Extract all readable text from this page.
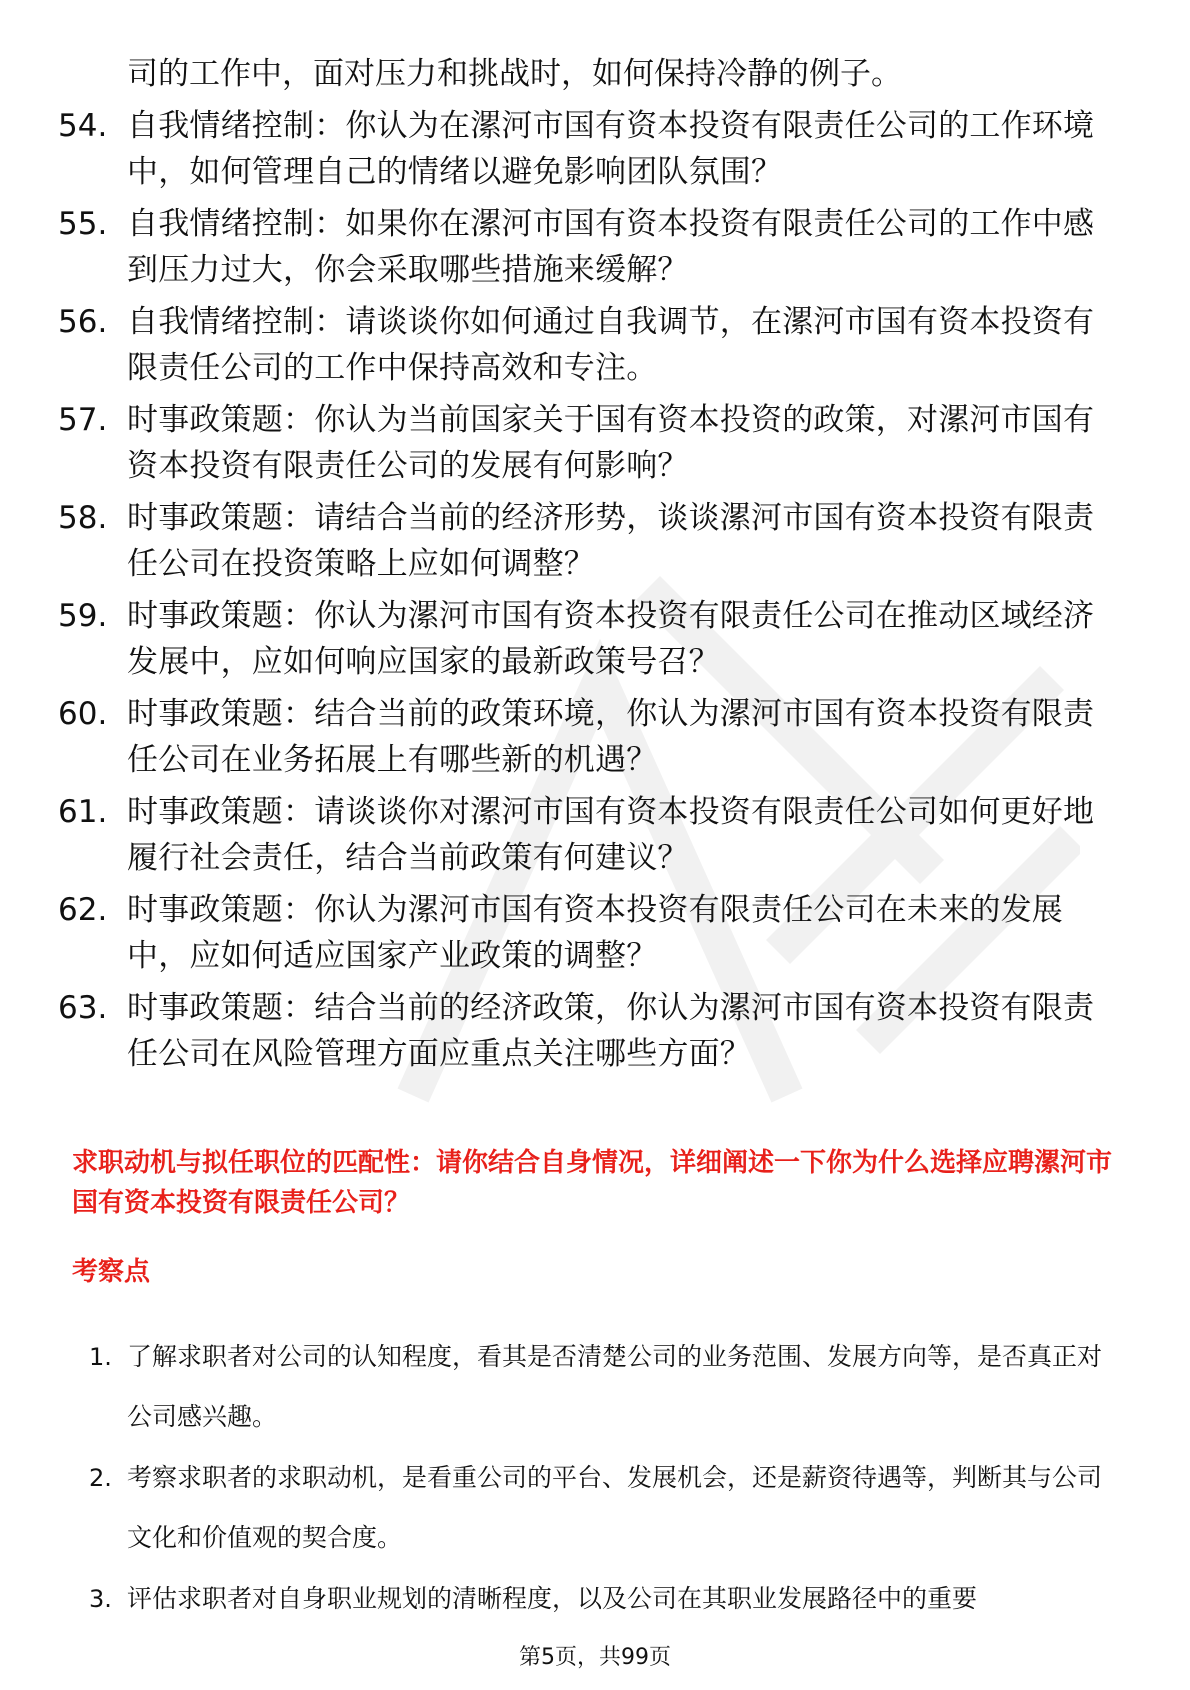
司的工作中，面对压力和挑战时，如何保持冷静的例子。
54. 自我情绪控制：你认为在漯河市国有资本投资有限责任公司的工作环境中，如何管理自己的情绪以避免影响团队氛围？
55. 自我情绪控制：如果你在漯河市国有资本投资有限责任公司的工作中感到压力过大，你会采取哪些措施来缓解？
56. 自我情绪控制：请谈谈你如何通过自我调节，在漯河市国有资本投资有限责任公司的工作中保持高效和专注。
57. 时事政策题：你认为当前国家关于国有资本投资的政策，对漯河市国有资本投资有限责任公司的发展有何影响？
58. 时事政策题：请结合当前的经济形势，谈谈漯河市国有资本投资有限责任公司在投资策略上应如何调整？
59. 时事政策题：你认为漯河市国有资本投资有限责任公司在推动区域经济发展中，应如何响应国家的最新政策号召？
60. 时事政策题：结合当前的政策环境，你认为漯河市国有资本投资有限责任公司在业务拓展上有哪些新的机遇？
61. 时事政策题：请谈谈你对漯河市国有资本投资有限责任公司如何更好地履行社会责任，结合当前政策有何建议？
62. 时事政策题：你认为漯河市国有资本投资有限责任公司在未来的发展中，应如何适应国家产业政策的调整？
63. 时事政策题：结合当前的经济政策，你认为漯河市国有资本投资有限责任公司在风险管理方面应重点关注哪些方面？
求职动机与拟任职位的匹配性：请你结合自身情况，详细阐述一下你为什么选择应聘漯河市国有资本投资有限责任公司？
考察点
1. 了解求职者对公司的认知程度，看其是否清楚公司的业务范围、发展方向等，是否真正对公司感兴趣。
2. 考察求职者的求职动机，是看重公司的平台、发展机会，还是薪资待遇等，判断其与公司文化和价值观的契合度。
3. 评估求职者对自身职业规划的清晰程度，以及公司在其职业发展路径中的重要
第5页，共99页
